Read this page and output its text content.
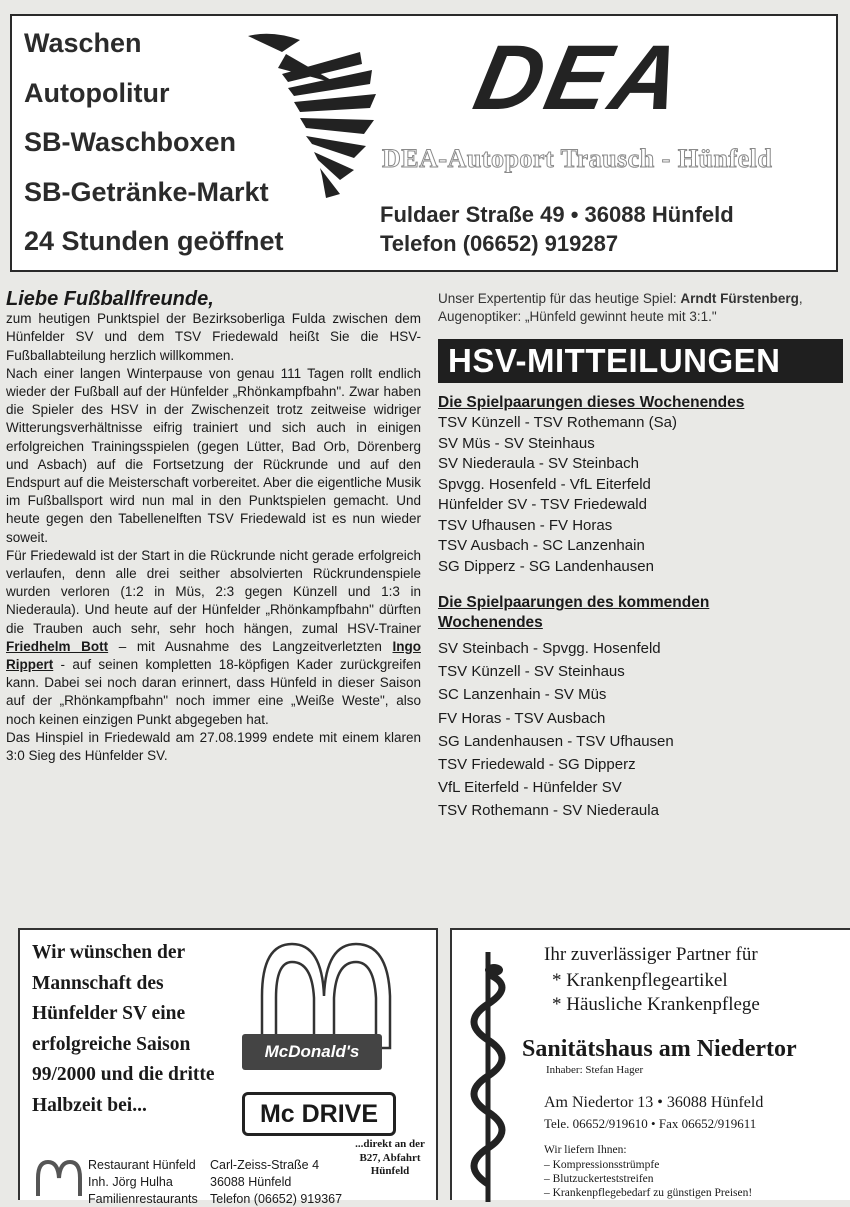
Waschen
Autopolitur
SB-Waschboxen
SB-Getränke-Markt
24 Stunden geöffnet
DEA
DEA-Autoport Trausch - Hünfeld
Fuldaer Straße 49 • 36088 Hünfeld
Telefon (06652) 919287
Liebe Fußballfreunde,

zum heutigen Punktspiel der Bezirksoberliga Fulda zwischen dem Hünfelder SV und dem TSV Friedewald heißt Sie die HSV-Fußballabteilung herzlich willkommen.

Nach einer langen Winterpause von genau 111 Tagen rollt endlich wieder der Fußball auf der Hünfelder „Rhönkampfbahn". Zwar haben die Spieler des HSV in der Zwischenzeit trotz zeitweise widriger Witterungsverhältnisse eifrig trainiert und sich auch in einigen erfolgreichen Trainingsspielen (gegen Lütter, Bad Orb, Dörenberg und Asbach) auf die Fortsetzung der Rückrunde und auf den Endspurt auf die Meisterschaft vorbereitet. Aber die eigentliche Musik im Fußballsport wird nun mal in den Punktspielen gemacht. Und heute gegen den Tabellenelften TSV Friedewald ist es nun wieder soweit.

Für Friedewald ist der Start in die Rückrunde nicht gerade erfolgreich verlaufen, denn alle drei seither absolvierten Rückrundenspiele wurden verloren (1:2 in Müs, 2:3 gegen Künzell und 1:3 in Niederaula). Und heute auf der Hünfelder „Rhönkampfbahn" dürften die Trauben auch sehr, sehr hoch hängen, zumal HSV-Trainer Friedhelm Bott – mit Ausnahme des Langzeitverletzten Ingo Rippert - auf seinen kompletten 18-köpfigen Kader zurückgreifen kann. Dabei sei noch daran erinnert, dass Hünfeld in dieser Saison auf der „Rhönkampfbahn" noch immer eine „Weiße Weste", also noch keinen einzigen Punkt abgegeben hat.

Das Hinspiel in Friedewald am 27.08.1999 endete mit einem klaren 3:0 Sieg des Hünfelder SV.

Unser Expertentip für das heutige Spiel: Arndt Fürstenberg, Augenoptiker: „Hünfeld gewinnt heute mit 3:1."
HSV-MITTEILUNGEN
Die Spielpaarungen dieses Wochenendes
TSV Künzell - TSV Rothemann (Sa)
SV Müs - SV Steinhaus
SV Niederaula - SV Steinbach
Spvgg. Hosenfeld - VfL Eiterfeld
Hünfelder SV - TSV Friedewald
TSV Ufhausen - FV Horas
TSV Ausbach - SC Lanzenhain
SG Dipperz - SG Landenhausen
Die Spielpaarungen des kommenden Wochenendes
SV Steinbach - Spvgg. Hosenfeld
TSV Künzell - SV Steinhaus
SC Lanzenhain - SV Müs
FV Horas - TSV Ausbach
SG Landenhausen - TSV Ufhausen
TSV Friedewald - SG Dipperz
VfL Eiterfeld - Hünfelder SV
TSV Rothemann - SV Niederaula
Wir wünschen der Mannschaft des Hünfelder SV eine erfolgreiche Saison 99/2000 und die dritte Halbzeit bei...
McDonald's
Mc DRIVE
...direkt an der B27, Abfahrt Hünfeld
Restaurant Hünfeld
Inh. Jörg Hulha
Familienrestaurants
Carl-Zeiss-Straße 4
36088 Hünfeld
Telefon (06652) 919367
Ihr zuverlässiger Partner für
* Krankenpflegeartikel
* Häusliche Krankenpflege
Sanitätshaus am Niedertor
Inhaber: Stefan Hager
Am Niedertor 13 • 36088 Hünfeld
Tele. 06652/919610 • Fax 06652/919611
Wir liefern Ihnen:
– Kompressionsstrümpfe
– Blutzuckerteststreifen
– Krankenpflegebedarf zu günstigen Preisen!
